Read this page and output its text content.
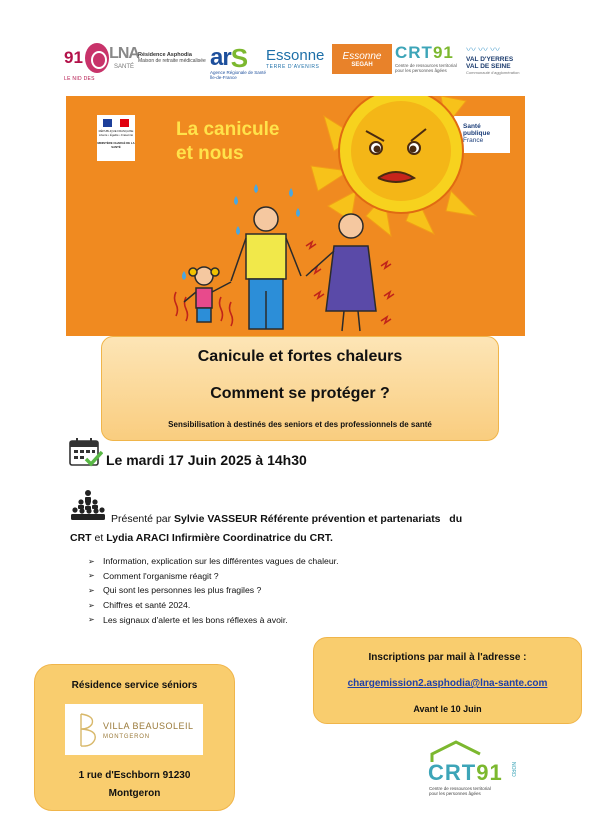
91
LE NID DES
LNA
SANTÉ
Résidence Asphodia
Maison de retraite médicalisée ar S
Agence Régionale de Santé Île-de-France
Essonne
TERRE D'AVENIRS
Essonne
SEGAH
CRT91
Centre de ressources territorial pour les personnes âgées
〰〰〰
VAL D'YERRES VAL DE SEINE
Communauté d'agglomération
RÉPUBLIQUE FRANÇAISE
Liberté • Égalité • Fraternité
MINISTÈRE CHARGÉ DE LA SANTÉ
La canicule
et nous
Santé
publique
France
Canicule et fortes chaleurs
Comment se protéger ?
Sensibilisation à destinés des seniors et des professionnels de santé
Le mardi 17 Juin 2025 à 14h30
Présenté par Sylvie VASSEUR Référente prévention et partenariats du
CRT et Lydia ARACI Infirmière Coordinatrice du CRT.
➢ Information, explication sur les différentes vagues de chaleur.
➢ Comment l'organisme réagit ?
➢ Qui sont les personnes les plus fragiles ?
➢ Chiffres et santé 2024.
➢ Les signaux d'alerte et les bons réflexes à avoir.
Inscriptions par mail à l'adresse :
chargemission2.asphodia@lna-sante.com
Avant le 10 Juin
Résidence service séniors
VILLA BEAUSOLEIL
MONTGERON
1 rue d'Eschborn 91230
Montgeron
CRT91 NORD
Centre de ressources territorial pour les personnes âgées
